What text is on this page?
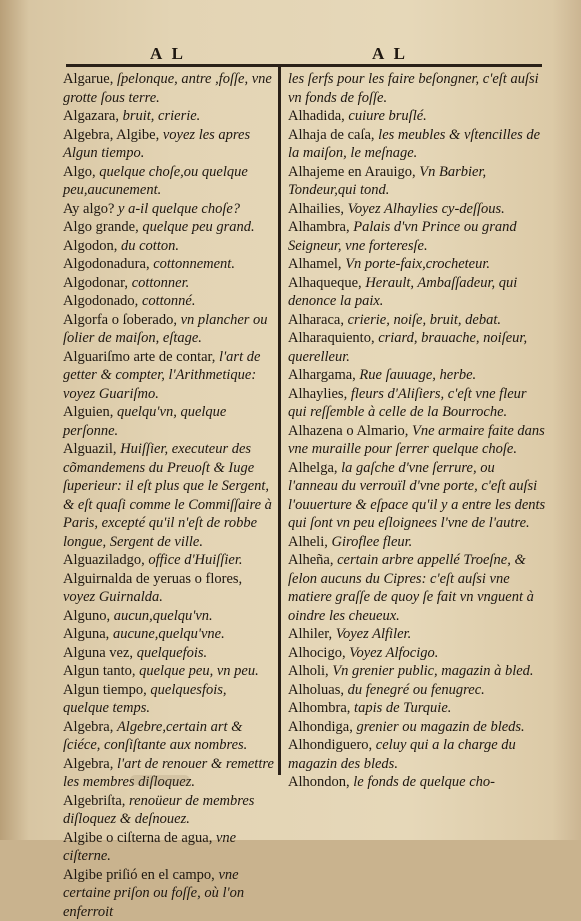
A L	A L

Algarue, ſpelonque, antre ,foſſe, vne grotte ſous terre.

Algazara, bruit, crierie.

Algebra, Algibe, voyez les apres Algun tiempo.

Algo, quelque choſe,ou quelque peu,aucunement.

Ay algo? y a-il quelque choſe?

Algo grande, quelque peu grand.

Algodon, du cotton.

Algodonadura, cottonnement.

Algodonar, cottonner.

Algodonado, cottonné.

Algorfa o ſoberado, vn plancher ou ſolier de maiſon, eſtage.

Alguariſmo arte de contar, l'art de getter & compter, l'Arithmetique: voyez Guariſmo.

Alguien, quelqu'vn, quelque perſonne.

Alguazil, Huiſſier, executeur des cõmandemens du Preuoſt & Iuge ſuperieur: il eſt plus que le Sergent, & eſt quaſi comme le Commiſſaire à Paris, excepté qu'il n'eſt de robbe longue, Sergent de ville.

Alguaziladgo, office d'Huiſſier.

Alguirnalda de yeruas o flores, voyez Guirnalda.

Alguno, aucun,quelqu'vn.

Alguna, aucune,quelqu'vne.

Alguna vez, quelquefois.

Algun tanto, quelque peu, vn peu.

Algun tiempo, quelquesfois, quelque temps.

Algebra, Algebre,certain art & ſciéce, conſiſtante aux nombres.

Algebra, l'art de renouer & remettre les membres diſloquez.

Algebriſta, renoüeur de membres diſloquez & deſnouez.

Algibe o ciſterna de agua, vne ciſterne.

Algibe priſió en el campo, vne certaine priſon ou foſſe, où l'on enferroit

les ſerfs pour les faire beſongner, c'eſt auſsi vn fonds de foſſe.

Alhadida, cuiure bruſlé.

Alhaja de caſa, les meubles & vſtencilles de la maiſon, le meſnage.

Alhajeme en Arauigo, Vn Barbier, Tondeur,qui tond.

Alhailies, Voyez Alhaylies cy-deſſous.

Alhambra, Palais d'vn Prince ou grand Seigneur, vne forteresſe.

Alhamel, Vn porte-faix,crocheteur.

Alhaqueque, Herault, Ambaſſadeur, qui denonce la paix.

Alharaca, crierie, noiſe, bruit, debat.

Alharaquiento, criard, brauache, noiſeur, querelleur.

Alhargama, Rue ſauuage, herbe.

Alhaylies, fleurs d'Aliſiers, c'eſt vne fleur qui reſſemble à celle de la Bourroche.

Alhazena o Almario, Vne armaire faite dans vne muraille pour ſerrer quelque choſe.

Alhelga, la gaſche d'vne ſerrure, ou l'anneau du verrouïl d'vne porte, c'eſt auſsi l'ouuerture & eſpace qu'il y a entre les dents qui ſont vn peu eſloignees l'vne de l'autre.

Alheli, Giroflee fleur.

Alheña, certain arbre appellé Troeſne, & ſelon aucuns du Cipres: c'eſt auſsi vne matiere graſſe de quoy ſe fait vn vnguent à oindre les cheueux.

Alhiler, Voyez Alfiler.

Alhocigo, Voyez Alfocigo.

Alholi, Vn grenier public, magazin à bled.

Alholuas, du fenegré ou fenugrec.

Alhombra, tapis de Turquie.

Alhondiga, grenier ou magazin de bleds.

Alhondiguero, celuy qui a la charge du magazin des bleds.

Alhondon, le fonds de quelque cho-
